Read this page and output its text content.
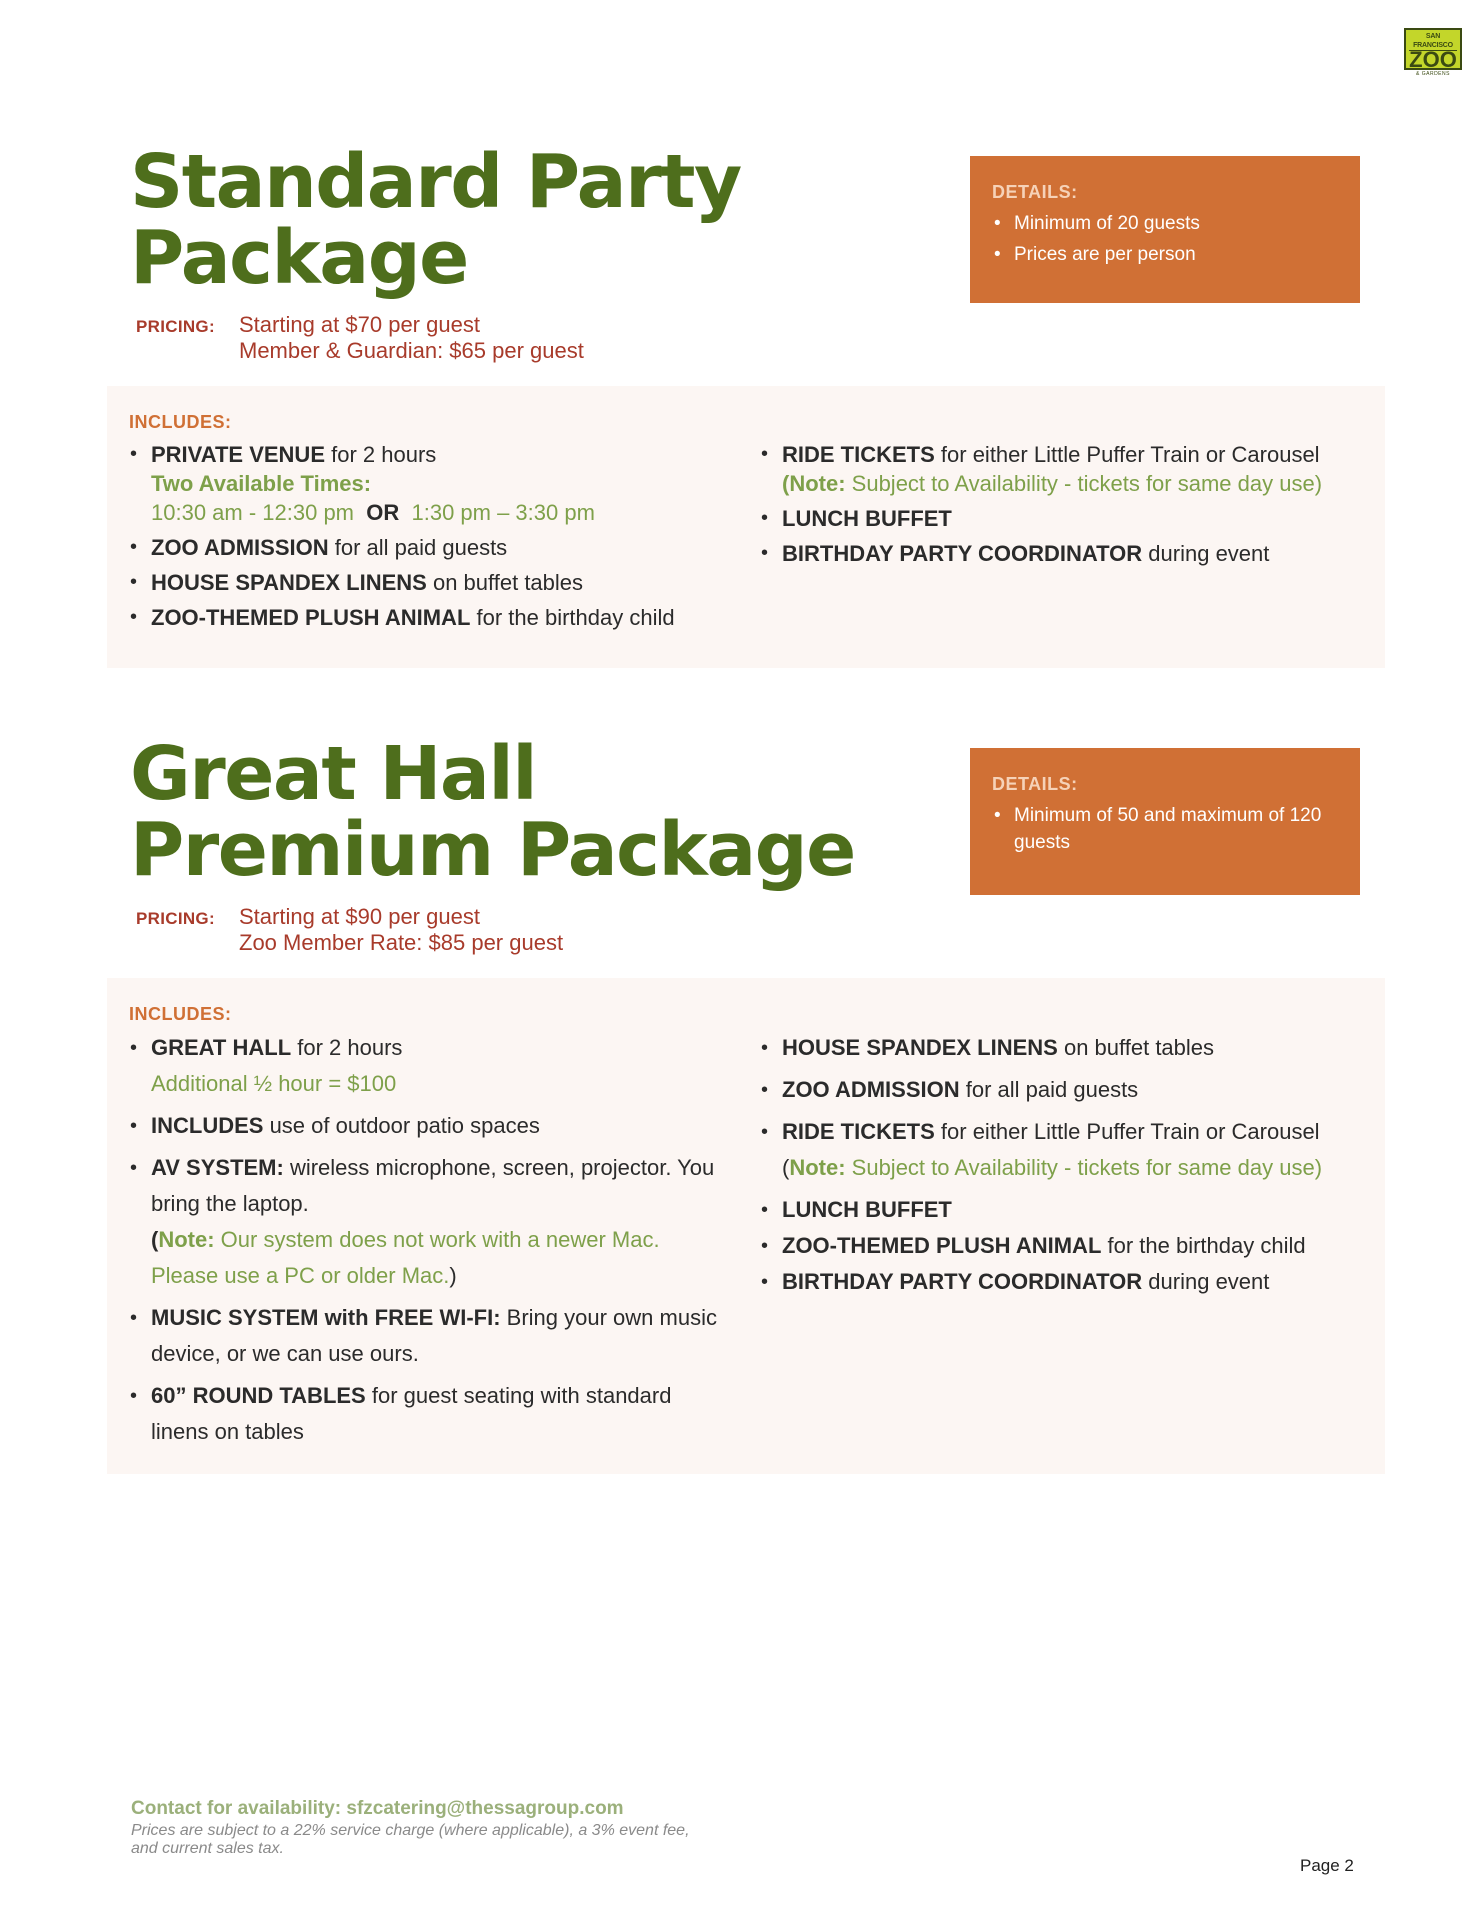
SAN FRANCISCO
ZOO
& GARDENS
Standard Party
Package
DETAILS:
• Minimum of 20 guests
• Prices are per person
PRICING: Starting at $70 per guest
Member & Guardian: $65 per guest
INCLUDES:
• PRIVATE VENUE for 2 hours
Two Available Times:
10:30 am - 12:30 pm OR 1:30 pm – 3:30 pm
• ZOO ADMISSION for all paid guests
• HOUSE SPANDEX LINENS on buffet tables
• ZOO-THEMED PLUSH ANIMAL for the birthday child
• RIDE TICKETS for either Little Puffer Train or Carousel (Note: Subject to Availability - tickets for same day use)
• LUNCH BUFFET
• BIRTHDAY PARTY COORDINATOR during event
Great Hall
Premium Package
DETAILS:
• Minimum of 50 and maximum of 120 guests
PRICING: Starting at $90 per guest
Zoo Member Rate: $85 per guest
INCLUDES:
• GREAT HALL for 2 hours
Additional ½ hour = $100
• INCLUDES use of outdoor patio spaces
• AV SYSTEM: wireless microphone, screen, projector. You bring the laptop.
(Note: Our system does not work with a newer Mac. Please use a PC or older Mac.)
• MUSIC SYSTEM with FREE WI-FI: Bring your own music device, or we can use ours.
• 60” ROUND TABLES for guest seating with standard linens on tables
• HOUSE SPANDEX LINENS on buffet tables
• ZOO ADMISSION for all paid guests
• RIDE TICKETS for either Little Puffer Train or Carousel (Note: Subject to Availability - tickets for same day use)
• LUNCH BUFFET
• ZOO-THEMED PLUSH ANIMAL for the birthday child
• BIRTHDAY PARTY COORDINATOR during event
Contact for availability: sfzcatering@thessagroup.com
Prices are subject to a 22% service charge (where applicable), a 3% event fee, and current sales tax.
Page 2
